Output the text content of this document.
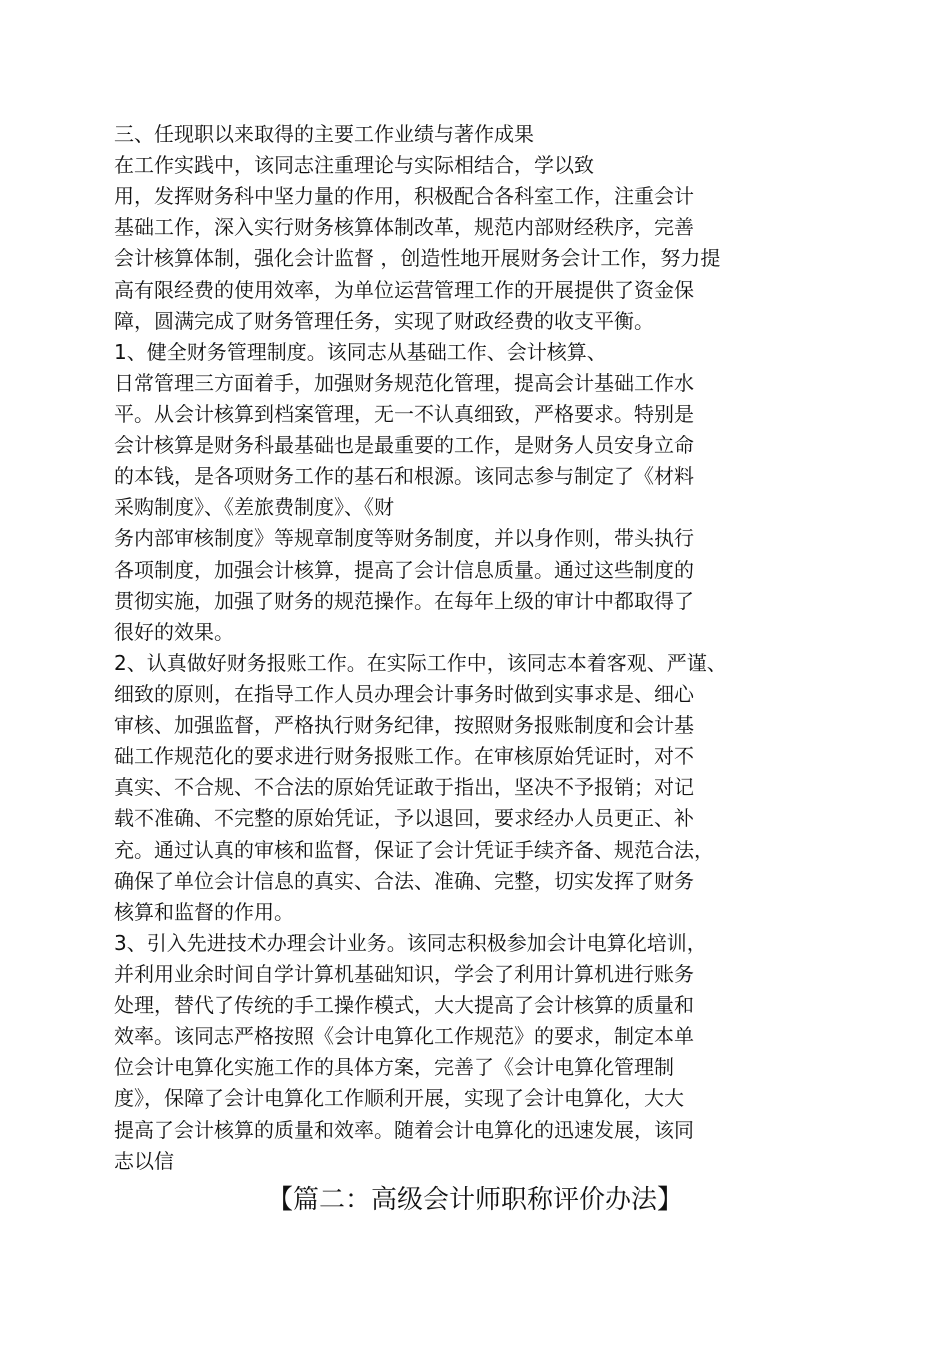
三、任现职以来取得的主要工作业绩与著作成果
在工作实践中，该同志注重理论与实际相结合，学以致
用，发挥财务科中坚力量的作用，积极配合各科室工作，注重会计
基础工作，深入实行财务核算体制改革，规范内部财经秩序，完善
会计核算体制，强化会计监督 ，创造性地开展财务会计工作，努力提
高有限经费的使用效率，为单位运营管理工作的开展提供了资金保
障，圆满完成了财务管理任务，实现了财政经费的收支平衡。
1、健全财务管理制度。该同志从基础工作、会计核算、
日常管理三方面着手，加强财务规范化管理，提高会计基础工作水
平。从会计核算到档案管理，无一不认真细致，严格要求。特别是
会计核算是财务科最基础也是最重要的工作，是财务人员安身立命
的本钱，是各项财务工作的基石和根源。该同志参与制定了《材料
采购制度》、《差旅费制度》、《财
务内部审核制度》等规章制度等财务制度，并以身作则，带头执行
各项制度，加强会计核算，提高了会计信息质量。通过这些制度的
贯彻实施，加强了财务的规范操作。在每年上级的审计中都取得了
很好的效果。
2、认真做好财务报账工作。在实际工作中，该同志本着客观、严谨、
细致的原则，在指导工作人员办理会计事务时做到实事求是、细心
审核、加强监督，严格执行财务纪律，按照财务报账制度和会计基
础工作规范化的要求进行财务报账工作。在审核原始凭证时，对不
真实、不合规、不合法的原始凭证敢于指出，坚决不予报销；对记
载不准确、不完整的原始凭证，予以退回，要求经办人员更正、补
充。通过认真的审核和监督，保证了会计凭证手续齐备、规范合法，
确保了单位会计信息的真实、合法、准确、完整，切实发挥了财务
核算和监督的作用。
3、引入先进技术办理会计业务。该同志积极参加会计电算化培训，
并利用业余时间自学计算机基础知识，学会了利用计算机进行账务
处理，替代了传统的手工操作模式，大大提高了会计核算的质量和
效率。该同志严格按照《会计电算化工作规范》的要求，制定本单
位会计电算化实施工作的具体方案，完善了《会计电算化管理制
度》，保障了会计电算化工作顺利开展，实现了会计电算化，大大
提高了会计核算的质量和效率。随着会计电算化的迅速发展，该同
志以信
【篇二：高级会计师职称评价办法】
